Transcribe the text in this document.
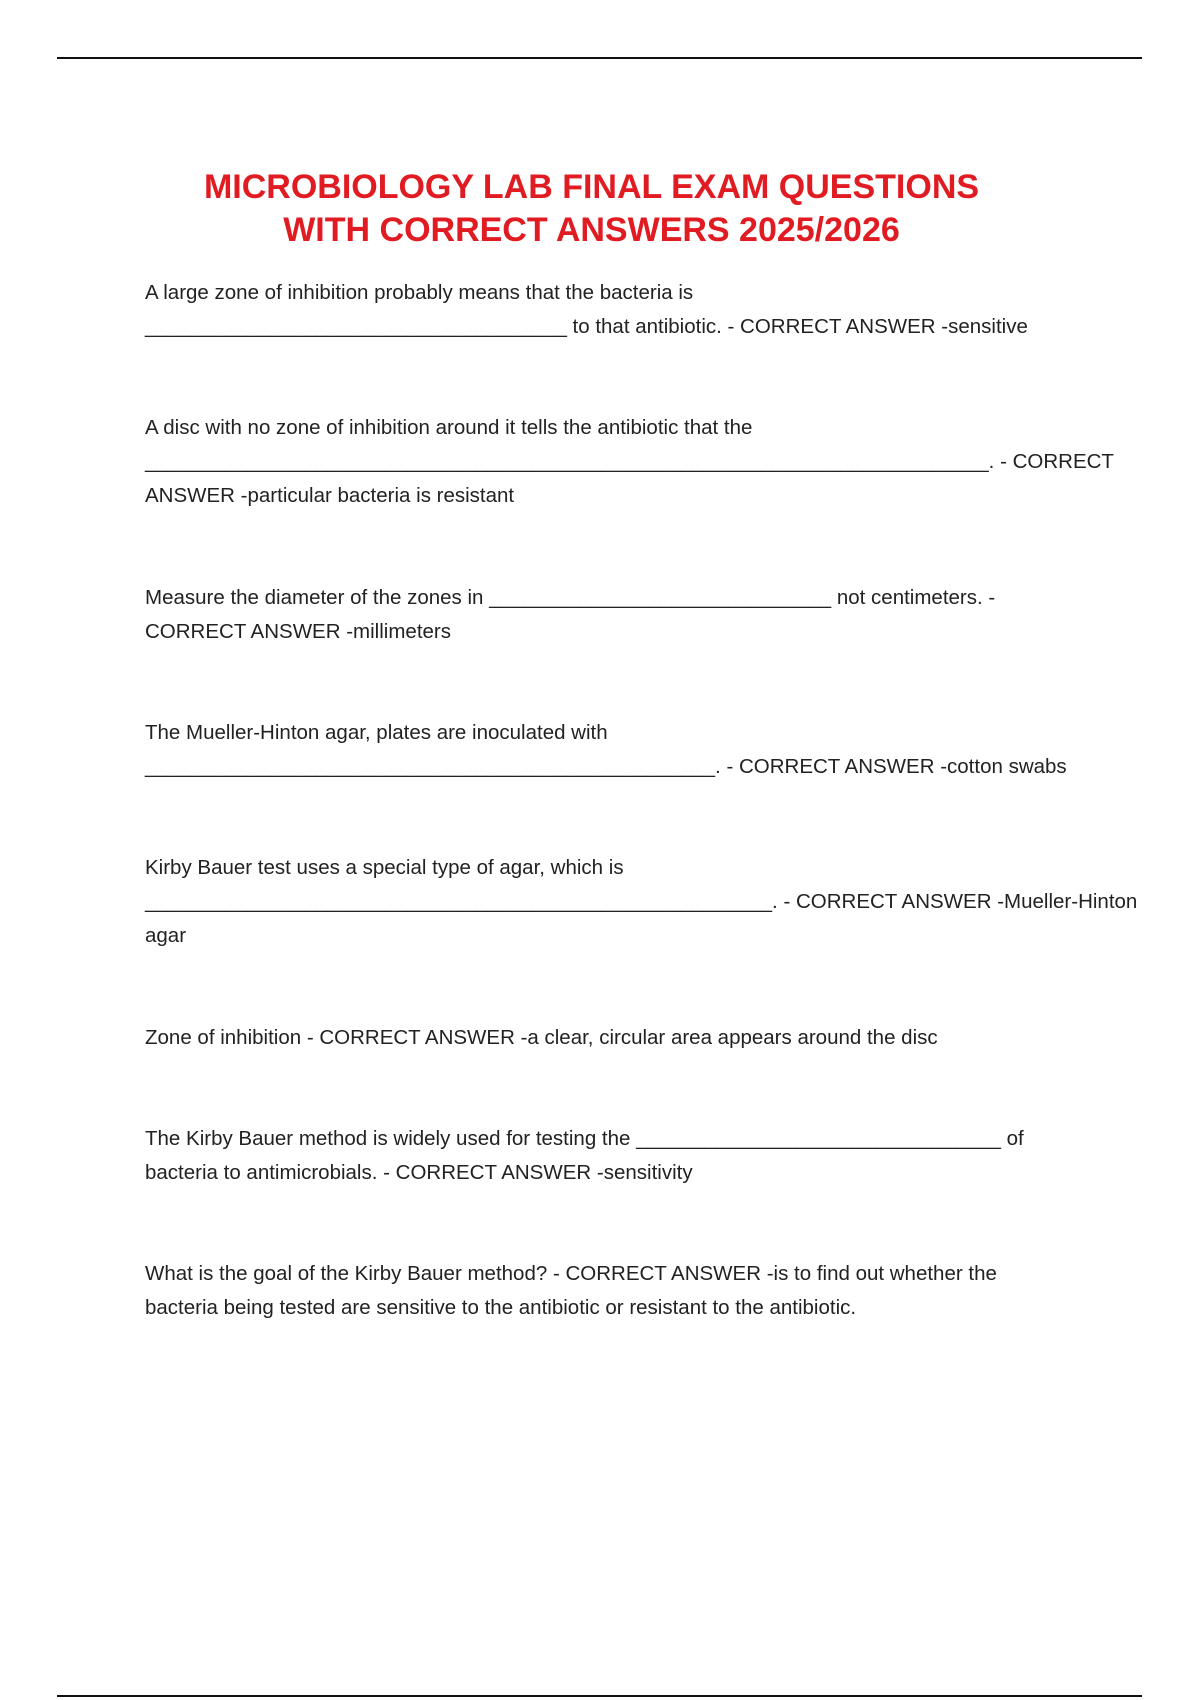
MICROBIOLOGY LAB FINAL EXAM QUESTIONS
WITH CORRECT ANSWERS 2025/2026

A large zone of inhibition probably means that the bacteria is
_____________________________________ to that antibiotic. - CORRECT ANSWER -sensitive

A disc with no zone of inhibition around it tells the antibiotic that the
__________________________________________________________________________. - CORRECT
ANSWER -particular bacteria is resistant

Measure the diameter of the zones in ______________________________ not centimeters. -
CORRECT ANSWER -millimeters

The Mueller-Hinton agar, plates are inoculated with
__________________________________________________. - CORRECT ANSWER -cotton swabs

Kirby Bauer test uses a special type of agar, which is
_______________________________________________________. - CORRECT ANSWER -Mueller-Hinton
agar

Zone of inhibition - CORRECT ANSWER -a clear, circular area appears around the disc

The Kirby Bauer method is widely used for testing the ________________________________ of
bacteria to antimicrobials. - CORRECT ANSWER -sensitivity

What is the goal of the Kirby Bauer method? - CORRECT ANSWER -is to find out whether the
bacteria being tested are sensitive to the antibiotic or resistant to the antibiotic.
